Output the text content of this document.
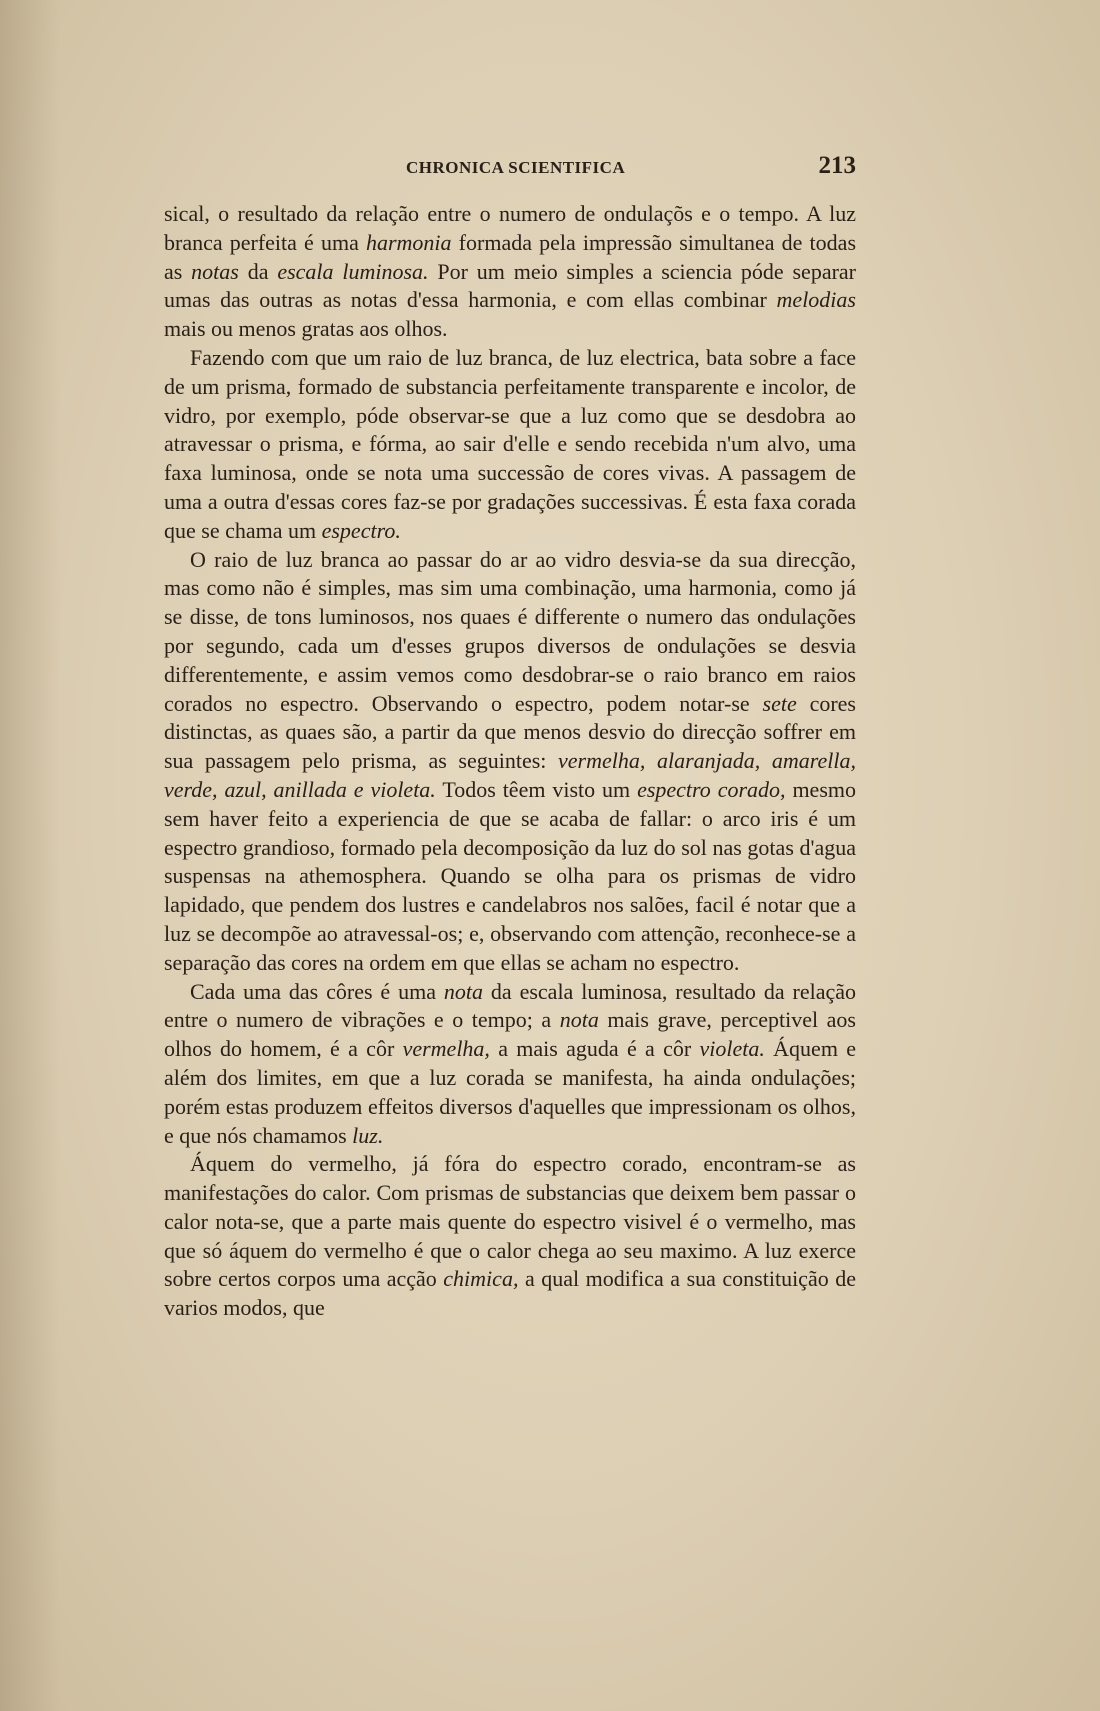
CHRONICA SCIENTIFICA	213

sical, o resultado da relação entre o numero de ondulaçõs e o tempo. A luz branca perfeita é uma harmonia formada pela impressão simultanea de todas as notas da escala luminosa. Por um meio simples a sciencia póde separar umas das outras as notas d'essa harmonia, e com ellas combinar melodias mais ou menos gratas aos olhos.

Fazendo com que um raio de luz branca, de luz electrica, bata sobre a face de um prisma, formado de substancia perfeitamente transparente e incolor, de vidro, por exemplo, póde observar-se que a luz como que se desdobra ao atravessar o prisma, e fórma, ao sair d'elle e sendo recebida n'um alvo, uma faxa luminosa, onde se nota uma successão de cores vivas. A passagem de uma a outra d'essas cores faz-se por gradações successivas. É esta faxa corada que se chama um espectro.

O raio de luz branca ao passar do ar ao vidro desvia-se da sua direcção, mas como não é simples, mas sim uma combinação, uma harmonia, como já se disse, de tons luminosos, nos quaes é differente o numero das ondulações por segundo, cada um d'esses grupos diversos de ondulações se desvia differentemente, e assim vemos como desdobrar-se o raio branco em raios corados no espectro. Observando o espectro, podem notar-se sete cores distinctas, as quaes são, a partir da que menos desvio do direcção soffrer em sua passagem pelo prisma, as seguintes: vermelha, alaranjada, amarella, verde, azul, anillada e violeta. Todos têem visto um espectro corado, mesmo sem haver feito a experiencia de que se acaba de fallar: o arco iris é um espectro grandioso, formado pela decomposição da luz do sol nas gotas d'agua suspensas na athemosphera. Quando se olha para os prismas de vidro lapidado, que pendem dos lustres e candelabros nos salões, facil é notar que a luz se decompõe ao atravessal-os; e, observando com attenção, reconhece-se a separação das cores na ordem em que ellas se acham no espectro.

Cada uma das côres é uma nota da escala luminosa, resultado da relação entre o numero de vibrações e o tempo; a nota mais grave, perceptivel aos olhos do homem, é a côr vermelha, a mais aguda é a côr violeta. Áquem e além dos limites, em que a luz corada se manifesta, ha ainda ondulações; porém estas produzem effeitos diversos d'aquelles que impressionam os olhos, e que nós chamamos luz.

Áquem do vermelho, já fóra do espectro corado, encontram-se as manifestações do calor. Com prismas de substancias que deixem bem passar o calor nota-se, que a parte mais quente do espectro visivel é o vermelho, mas que só áquem do vermelho é que o calor chega ao seu maximo. A luz exerce sobre certos corpos uma acção chimica, a qual modifica a sua constituição de varios modos, que
